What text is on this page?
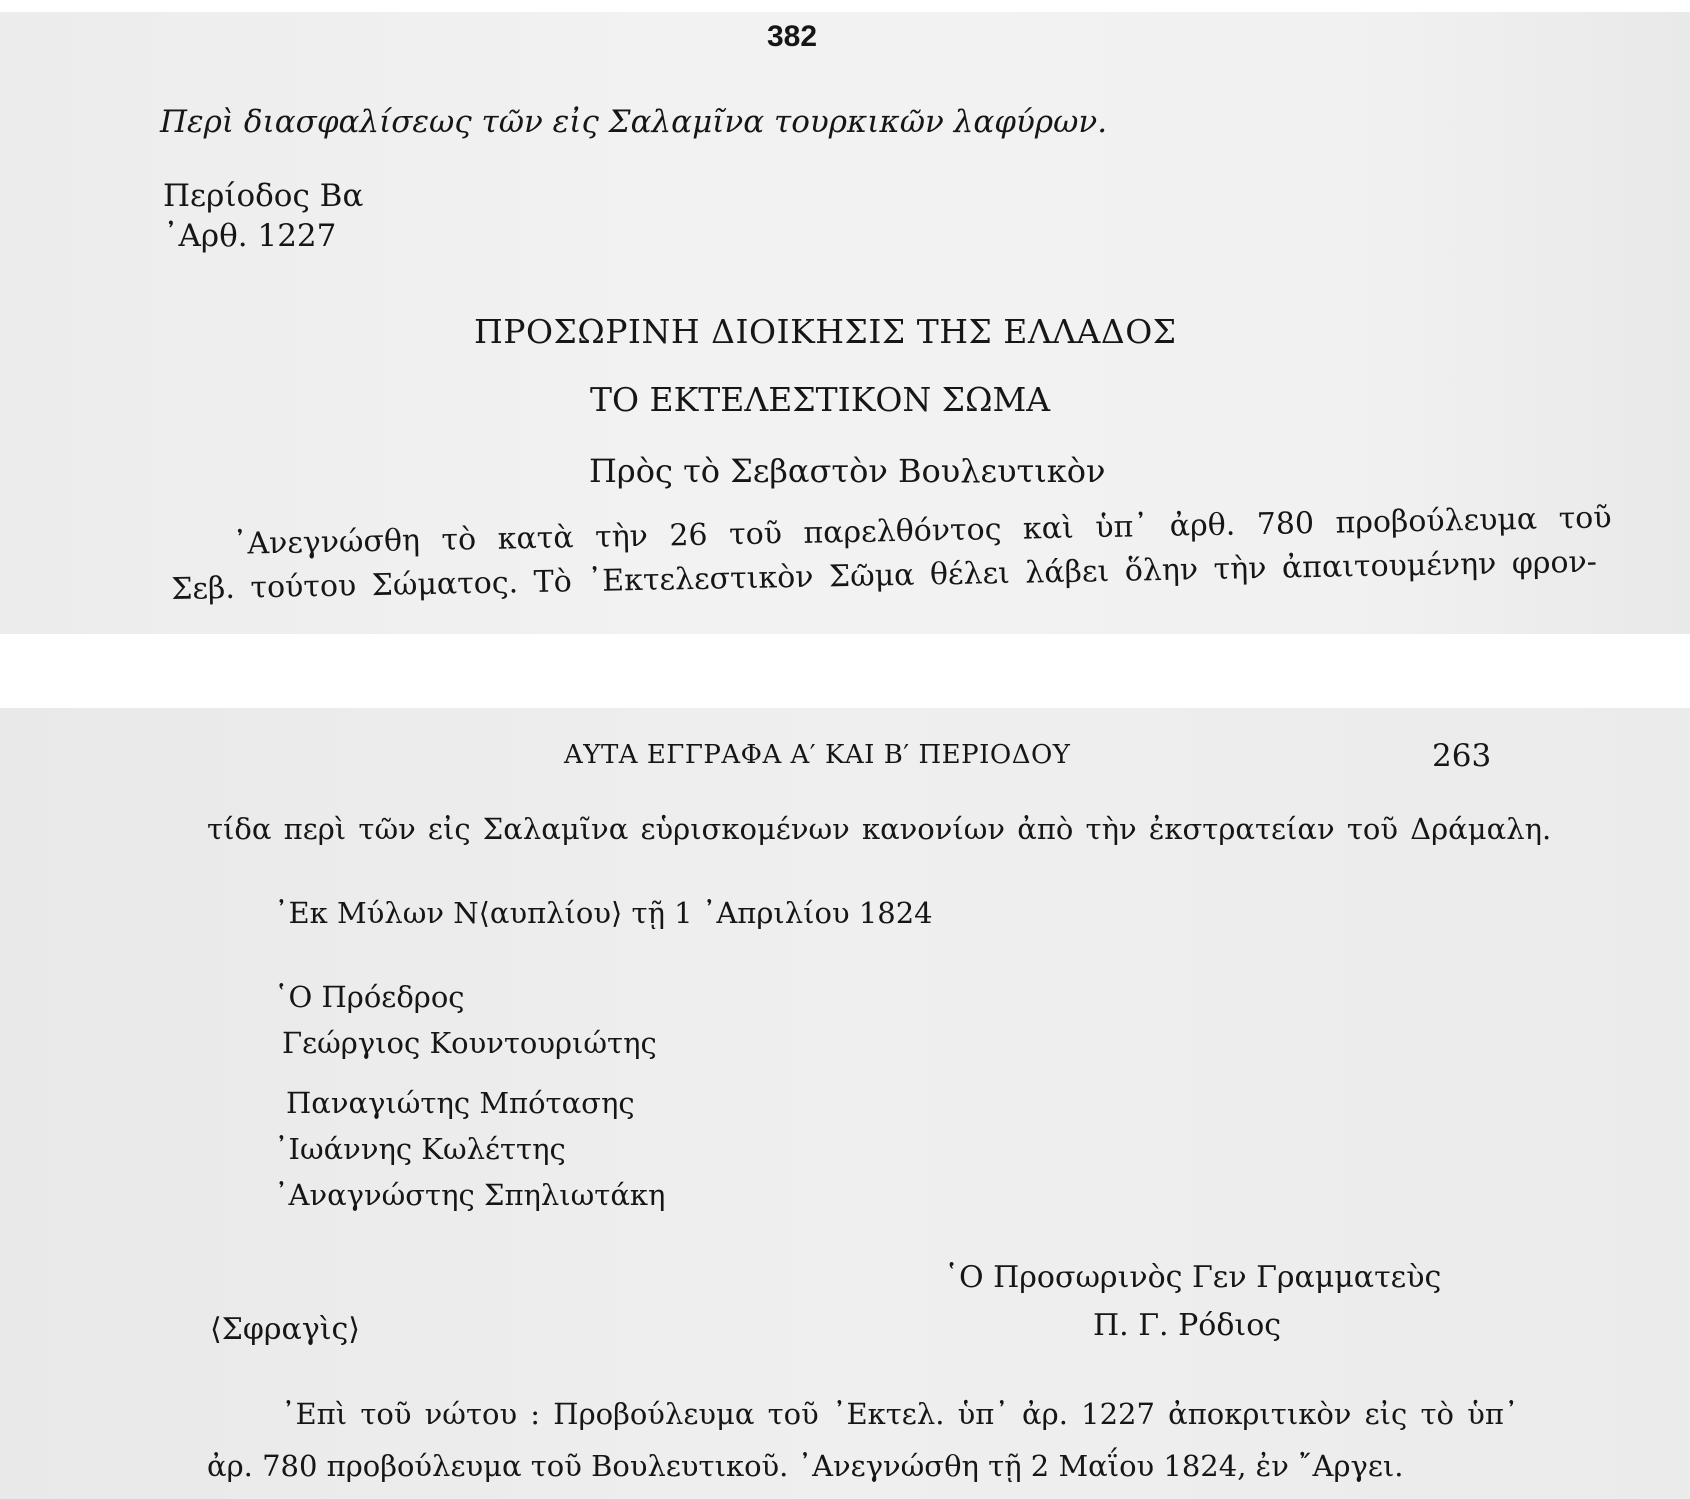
382

Περὶ διασφαλίσεως τῶν εἰς Σαλαμῖνα τουρκικῶν λαφύρων.

Περίοδος Βα
᾿Αρθ. 1227

ΠΡΟΣΩΡΙΝΗ ΔΙΟΙΚΗΣΙΣ ΤΗΣ ΕΛΛΑΔΟΣ

ΤΟ ΕΚΤΕΛΕΣΤΙΚΟΝ ΣΩΜΑ

Πρὸς τὸ Σεβαστὸν Βουλευτικὸν

᾿Ανεγνώσθη τὸ κατὰ τὴν 26 τοῦ παρελθόντος καὶ ὑπ᾿ ἀρθ. 780 προβούλευμα τοῦ

Σεβ. τούτου Σώματος. Τὸ ᾿Εκτελεστικὸν Σῶμα θέλει λάβει ὅλην τὴν ἀπαιτουμένην φρον-

ΑΥΤΑ ΕΓΓΡΑΦΑ Α′ ΚΑΙ Β′ ΠΕΡΙΟΔΟΥ	263

τίδα περὶ τῶν εἰς Σαλαμῖνα εὑρισκομένων κανονίων ἀπὸ τὴν ἐκστρατείαν τοῦ Δράμαλη.

᾿Εκ Μύλων Ν⟨αυπλίου⟩ τῇ 1 ᾿Απριλίου 1824

῾Ο Πρόεδρος

Γεώργιος Κουντουριώτης

Παναγιώτης Μπότασης

᾿Ιωάννης Κωλέττης

᾿Αναγνώστης Σπηλιωτάκη

῾Ο Προσωρινὸς Γεν Γραμματεὺς

Π. Γ. Ρόδιος

⟨Σφραγὶς⟩

᾿Επὶ τοῦ νώτου : Προβούλευμα τοῦ ᾿Εκτελ. ὑπ᾿ ἀρ. 1227 ἀποκριτικὸν εἰς τὸ ὑπ᾿

ἀρ. 780 προβούλευμα τοῦ Βουλευτικοῦ. ᾿Ανεγνώσθη τῇ 2 Μαΐου 1824, ἐν ῎Αργει.
